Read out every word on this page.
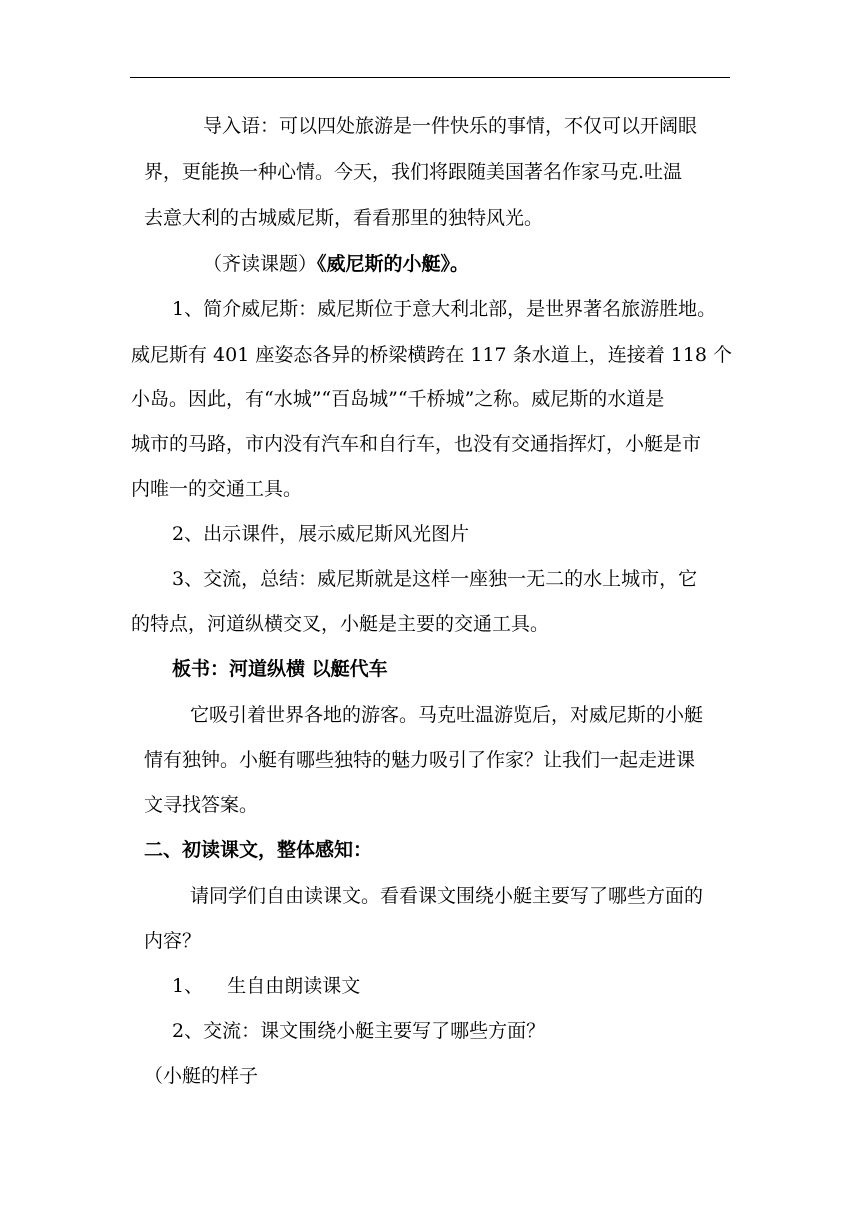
导入语：可以四处旅游是一件快乐的事情，不仅可以开阔眼
界，更能换一种心情。今天，我们将跟随美国著名作家马克.吐温
去意大利的古城威尼斯，看看那里的独特风光。
（齐读课题）《威尼斯的小艇》。
1、简介威尼斯：威尼斯位于意大利北部，是世界著名旅游胜地。
威尼斯有 401 座姿态各异的桥梁横跨在 117 条水道上，连接着 118 个
小岛。因此，有“水城”“百岛城”“千桥城”之称。威尼斯的水道是
城市的马路，市内没有汽车和自行车，也没有交通指挥灯，小艇是市
内唯一的交通工具。
2、出示课件，展示威尼斯风光图片
3、交流，总结：威尼斯就是这样一座独一无二的水上城市，它
的特点，河道纵横交叉，小艇是主要的交通工具。
板书：河道纵横 以艇代车
它吸引着世界各地的游客。马克吐温游览后，对威尼斯的小艇
情有独钟。小艇有哪些独特的魅力吸引了作家？让我们一起走进课
文寻找答案。
二、初读课文，整体感知：
请同学们自由读课文。看看课文围绕小艇主要写了哪些方面的
内容？
1、    生自由朗读课文
2、交流：课文围绕小艇主要写了哪些方面？
（小艇的样子
